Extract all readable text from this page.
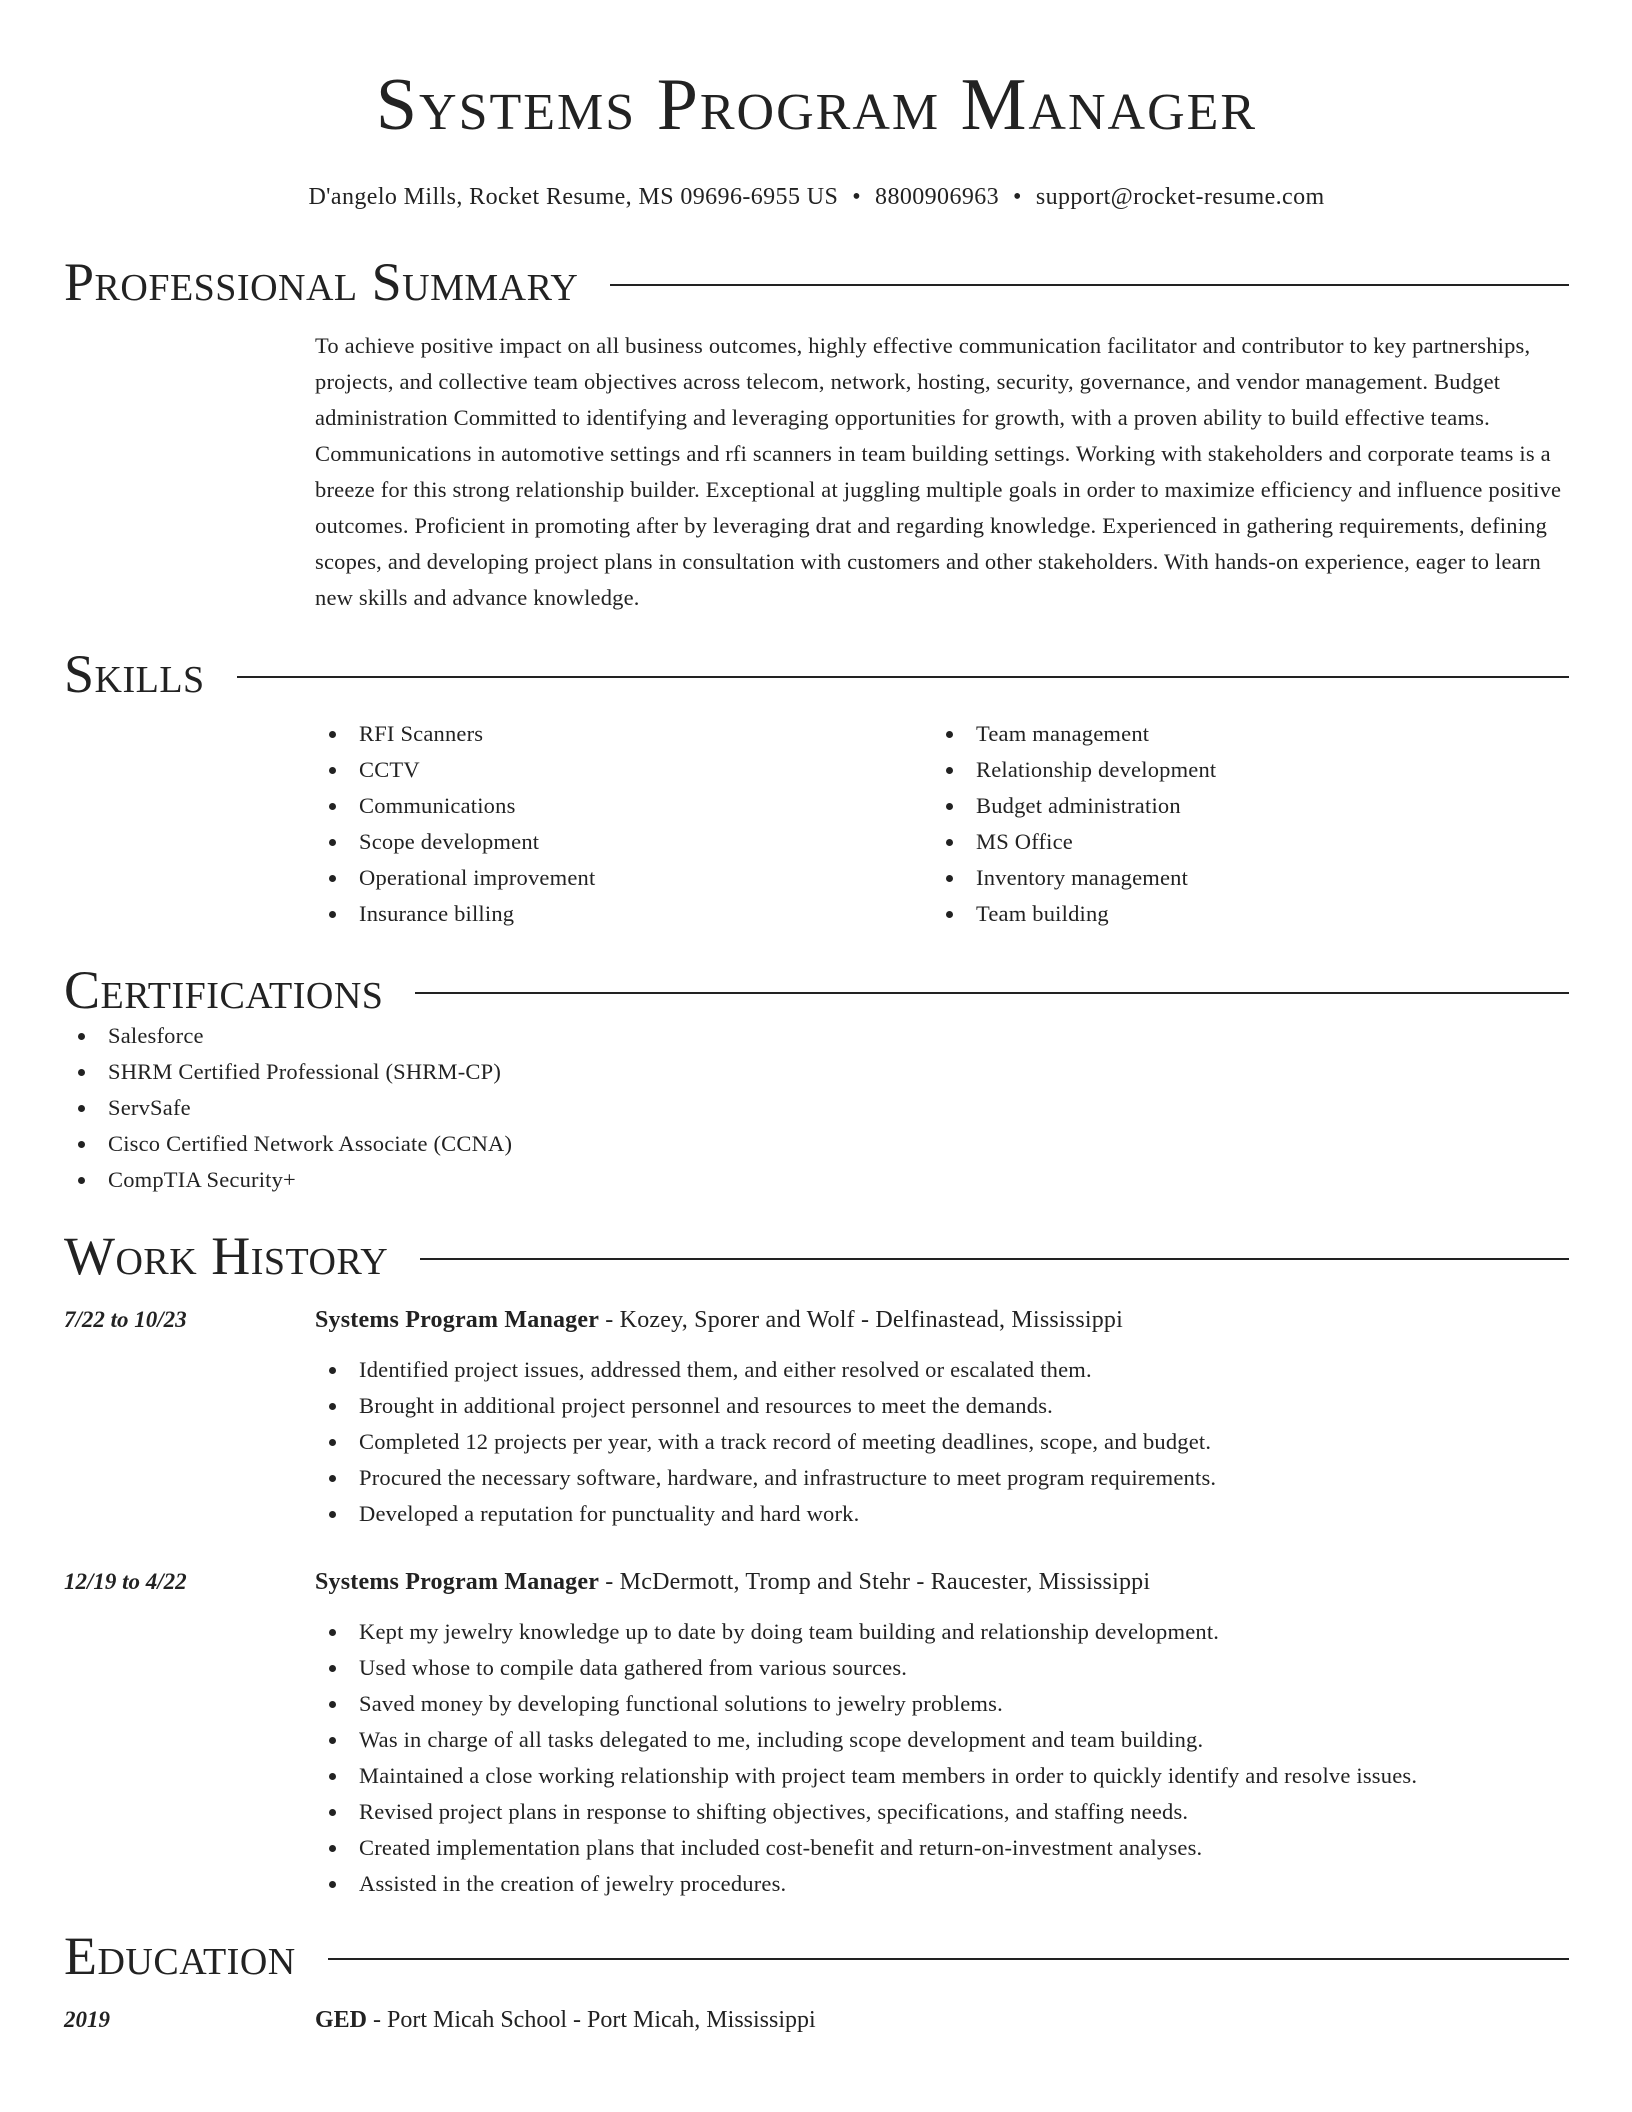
Systems Program Manager
D'angelo Mills, Rocket Resume, MS 09696-6955 US • 8800906963 • support@rocket-resume.com
Professional Summary
To achieve positive impact on all business outcomes, highly effective communication facilitator and contributor to key partnerships, projects, and collective team objectives across telecom, network, hosting, security, governance, and vendor management. Budget administration Committed to identifying and leveraging opportunities for growth, with a proven ability to build effective teams. Communications in automotive settings and rfi scanners in team building settings. Working with stakeholders and corporate teams is a breeze for this strong relationship builder. Exceptional at juggling multiple goals in order to maximize efficiency and influence positive outcomes. Proficient in promoting after by leveraging drat and regarding knowledge. Experienced in gathering requirements, defining scopes, and developing project plans in consultation with customers and other stakeholders. With hands-on experience, eager to learn new skills and advance knowledge.
Skills
RFI Scanners
CCTV
Communications
Scope development
Operational improvement
Insurance billing
Team management
Relationship development
Budget administration
MS Office
Inventory management
Team building
Certifications
Salesforce
SHRM Certified Professional (SHRM-CP)
ServSafe
Cisco Certified Network Associate (CCNA)
CompTIA Security+
Work History
7/22 to 10/23	Systems Program Manager - Kozey, Sporer and Wolf - Delfinastead, Mississippi
Identified project issues, addressed them, and either resolved or escalated them.
Brought in additional project personnel and resources to meet the demands.
Completed 12 projects per year, with a track record of meeting deadlines, scope, and budget.
Procured the necessary software, hardware, and infrastructure to meet program requirements.
Developed a reputation for punctuality and hard work.
12/19 to 4/22	Systems Program Manager - McDermott, Tromp and Stehr - Raucester, Mississippi
Kept my jewelry knowledge up to date by doing team building and relationship development.
Used whose to compile data gathered from various sources.
Saved money by developing functional solutions to jewelry problems.
Was in charge of all tasks delegated to me, including scope development and team building.
Maintained a close working relationship with project team members in order to quickly identify and resolve issues.
Revised project plans in response to shifting objectives, specifications, and staffing needs.
Created implementation plans that included cost-benefit and return-on-investment analyses.
Assisted in the creation of jewelry procedures.
Education
2019	GED - Port Micah School - Port Micah, Mississippi
